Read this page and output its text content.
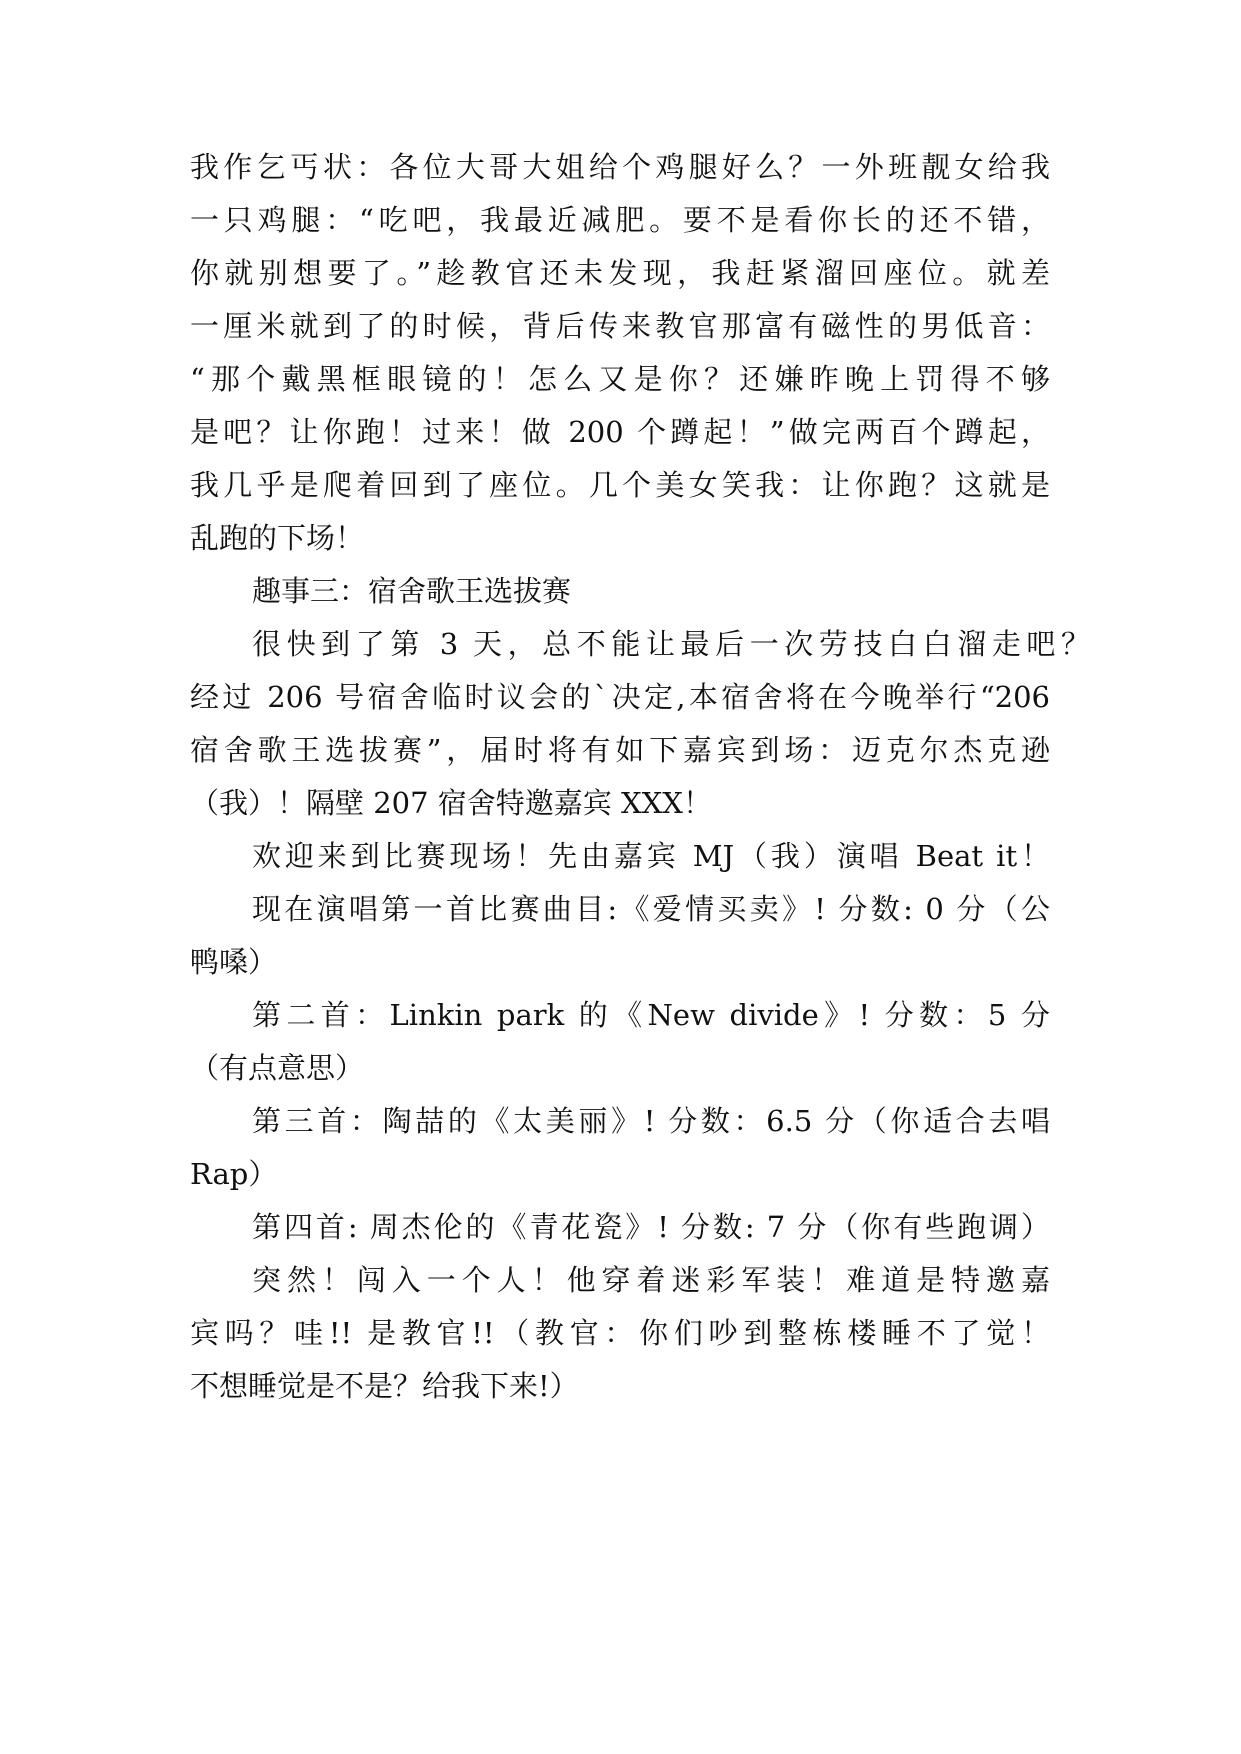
我作乞丐状：各位大哥大姐给个鸡腿好么？一外班靓女给我
一只鸡腿：“吃吧，我最近减肥。要不是看你长的还不错，
你就别想要了。”趁教官还未发现，我赶紧溜回座位。就差
一厘米就到了的时候，背后传来教官那富有磁性的男低音：
“那个戴黑框眼镜的！怎么又是你？还嫌昨晚上罚得不够
是吧？让你跑！过来！做 200 个蹲起！”做完两百个蹲起，
我几乎是爬着回到了座位。几个美女笑我：让你跑？这就是
乱跑的下场！
趣事三：宿舍歌王选拔赛
很快到了第 3 天，总不能让最后一次劳技白白溜走吧？
经过 206 号宿舍临时议会的`决定,本宿舍将在今晚举行“206
宿舍歌王选拔赛”，届时将有如下嘉宾到场：迈克尔杰克逊
（我）！隔壁 207 宿舍特邀嘉宾 XXX！
欢迎来到比赛现场！先由嘉宾 MJ（我）演唱 Beat it！
现在演唱第一首比赛曲目:《爱情买卖》! 分数: 0 分（公
鸭嗓）
第二首：Linkin park 的《New divide》! 分数：5 分
（有点意思）
第三首：陶喆的《太美丽》! 分数：6.5 分（你适合去唱
Rap）
第四首: 周杰伦的《青花瓷》! 分数: 7 分（你有些跑调）
突然！闯入一个人！他穿着迷彩军装！难道是特邀嘉
宾吗？哇!! 是教官!!（教官：你们吵到整栋楼睡不了觉！
不想睡觉是不是？给我下来!）
